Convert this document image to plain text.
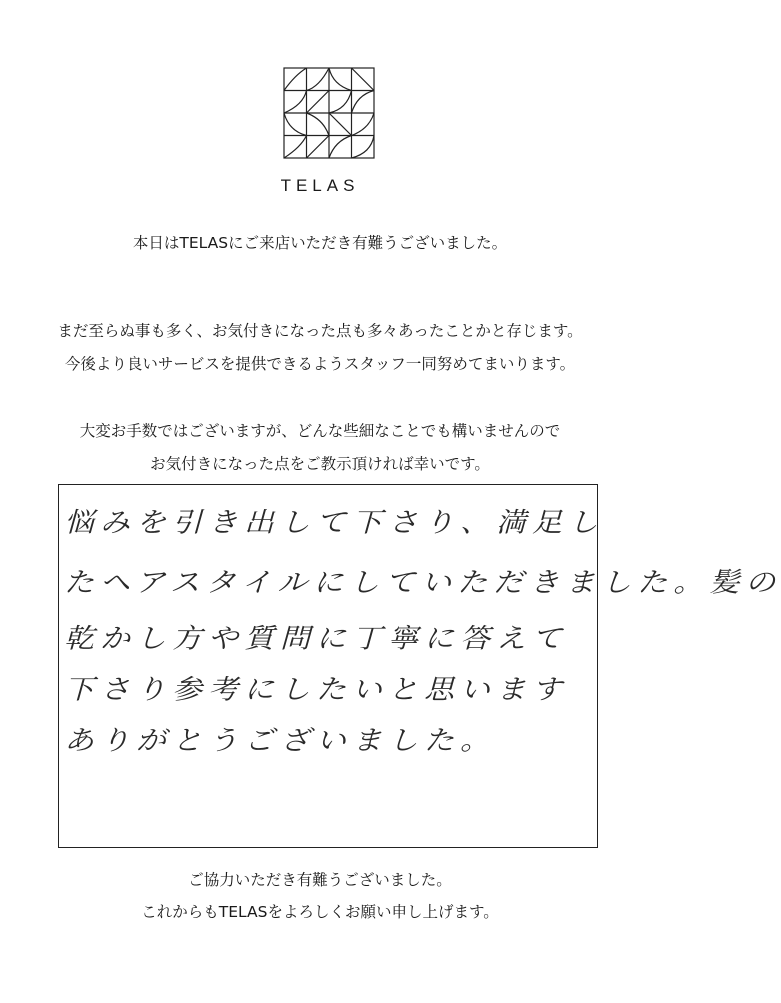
TELAS
本日はTELASにご来店いただき有難うございました。
まだ至らぬ事も多く、お気付きになった点も多々あったことかと存じます。
今後より良いサービスを提供できるようスタッフ一同努めてまいります。
大変お手数ではございますが、どんな些細なことでも構いませんので
お気付きになった点をご教示頂ければ幸いです。
悩みを引き出して下さり、満足し
たヘアスタイルにしていただきました。髪の
乾かし方や質問に丁寧に答えて
下さり参考にしたいと思います
ありがとうございました。
ご協力いただき有難うございました。
これからもTELASをよろしくお願い申し上げます。
